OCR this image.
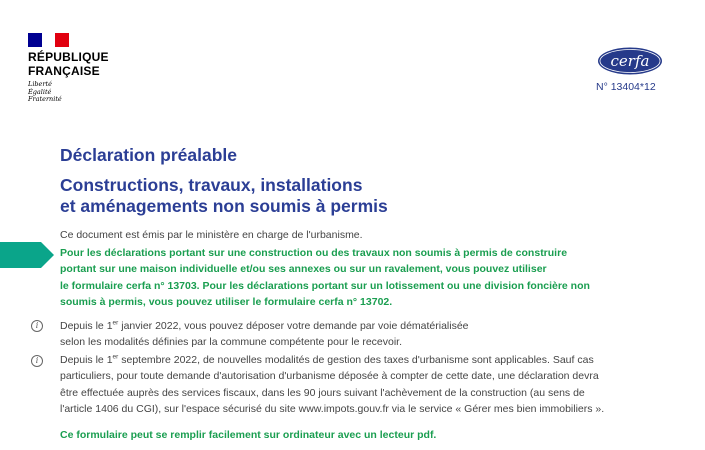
RÉPUBLIQUE
FRANÇAISE
Liberté
Égalité
Fraternité
cerfa
N° 13404*12
Déclaration préalable
Constructions, travaux, installations
et aménagements non soumis à permis
Ce document est émis par le ministère en charge de l'urbanisme.
Pour les déclarations portant sur une construction ou des travaux non soumis à permis de construire
portant sur une maison individuelle et/ou ses annexes ou sur un ravalement, vous pouvez utiliser
le formulaire cerfa n° 13703. Pour les déclarations portant sur un lotissement ou une division foncière non
soumis à permis, vous pouvez utiliser le formulaire cerfa n° 13702.
i	Depuis le 1er janvier 2022, vous pouvez déposer votre demande par voie dématérialisée
selon les modalités définies par la commune compétente pour le recevoir.
i	Depuis le 1er septembre 2022, de nouvelles modalités de gestion des taxes d'urbanisme sont applicables. Sauf cas
particuliers, pour toute demande d'autorisation d'urbanisme déposée à compter de cette date, une déclaration devra
être effectuée auprès des services fiscaux, dans les 90 jours suivant l'achèvement de la construction (au sens de
l'article 1406 du CGI), sur l'espace sécurisé du site www.impots.gouv.fr via le service « Gérer mes bien immobiliers ».
Ce formulaire peut se remplir facilement sur ordinateur avec un lecteur pdf.
